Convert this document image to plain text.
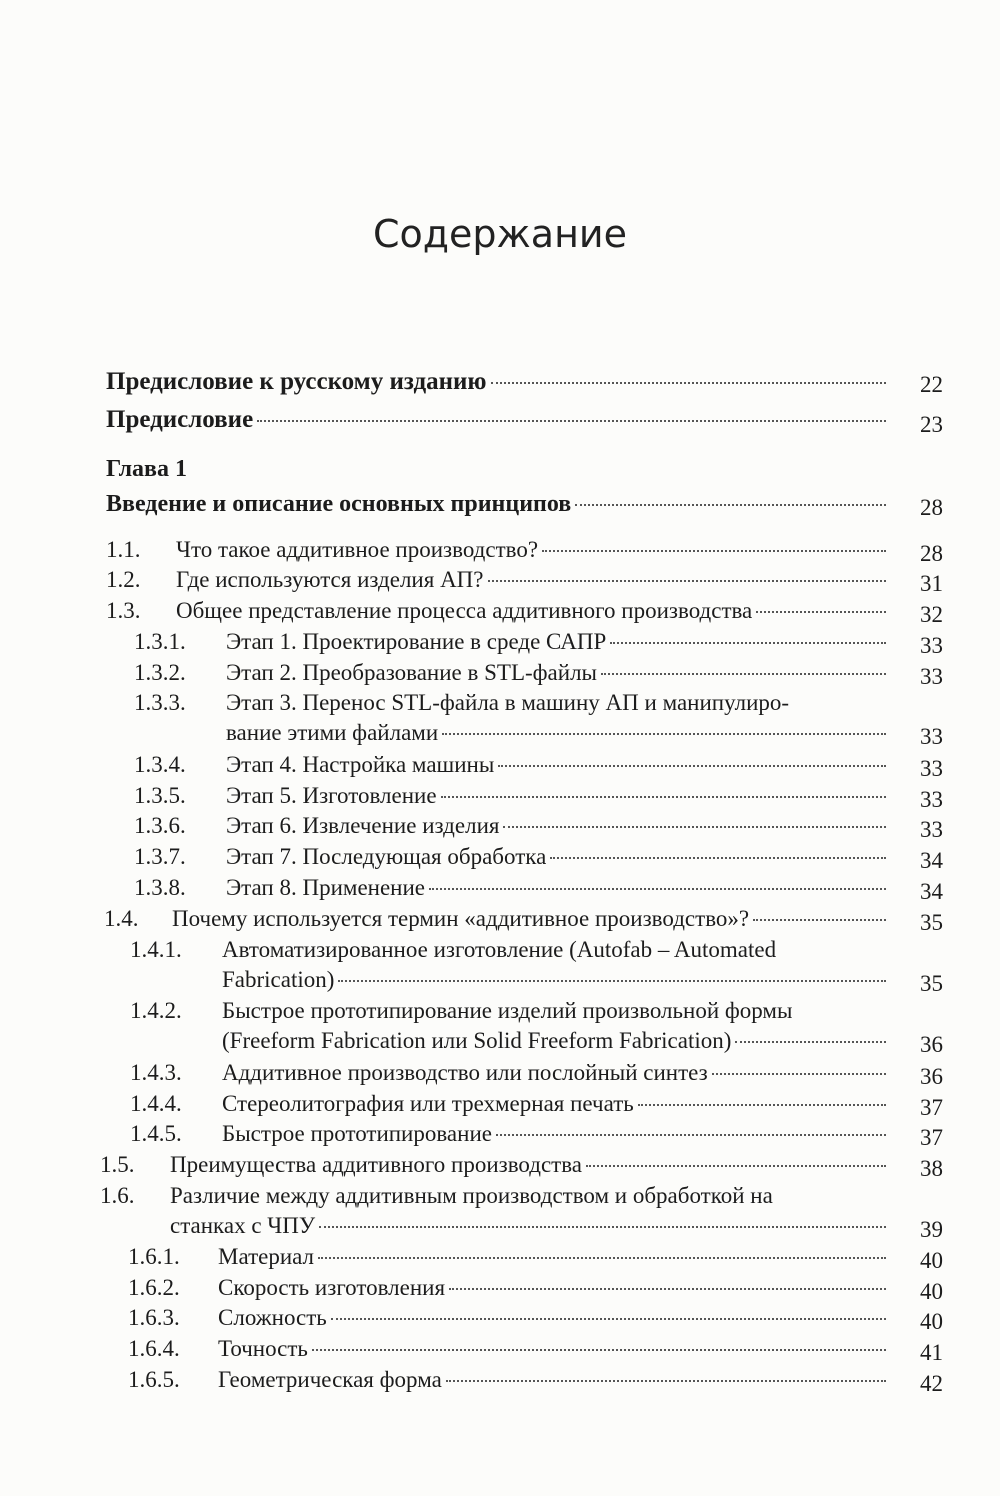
Содержание
Предисловие к русскому изданию	22
Предисловие	23
Глава 1
Введение и описание основных принципов	28
1.1. Что такое аддитивное производство?	28
1.2. Где используются изделия АП?	31
1.3. Общее представление процесса аддитивного производства	32
1.3.1. Этап 1. Проектирование в среде САПР	33
1.3.2. Этап 2. Преобразование в STL-файлы	33
1.3.3. Этап 3. Перенос STL-файла в машину АП и манипулиро-
вание этими файлами	33
1.3.4. Этап 4. Настройка машины	33
1.3.5. Этап 5. Изготовление	33
1.3.6. Этап 6. Извлечение изделия	33
1.3.7. Этап 7. Последующая обработка	34
1.3.8. Этап 8. Применение	34
1.4. Почему используется термин «аддитивное производство»?	35
1.4.1. Автоматизированное изготовление (Autofab – Automated
Fabrication)	35
1.4.2. Быстрое прототипирование изделий произвольной формы
(Freeform Fabrication или Solid Freeform Fabrication)	36
1.4.3. Аддитивное производство или послойный синтез	36
1.4.4. Стереолитография или трехмерная печать	37
1.4.5. Быстрое прототипирование	37
1.5. Преимущества аддитивного производства	38
1.6. Различие между аддитивным производством и обработкой на
станках с ЧПУ	39
1.6.1. Материал	40
1.6.2. Скорость изготовления	40
1.6.3. Сложность	40
1.6.4. Точность	41
1.6.5. Геометрическая форма	42
